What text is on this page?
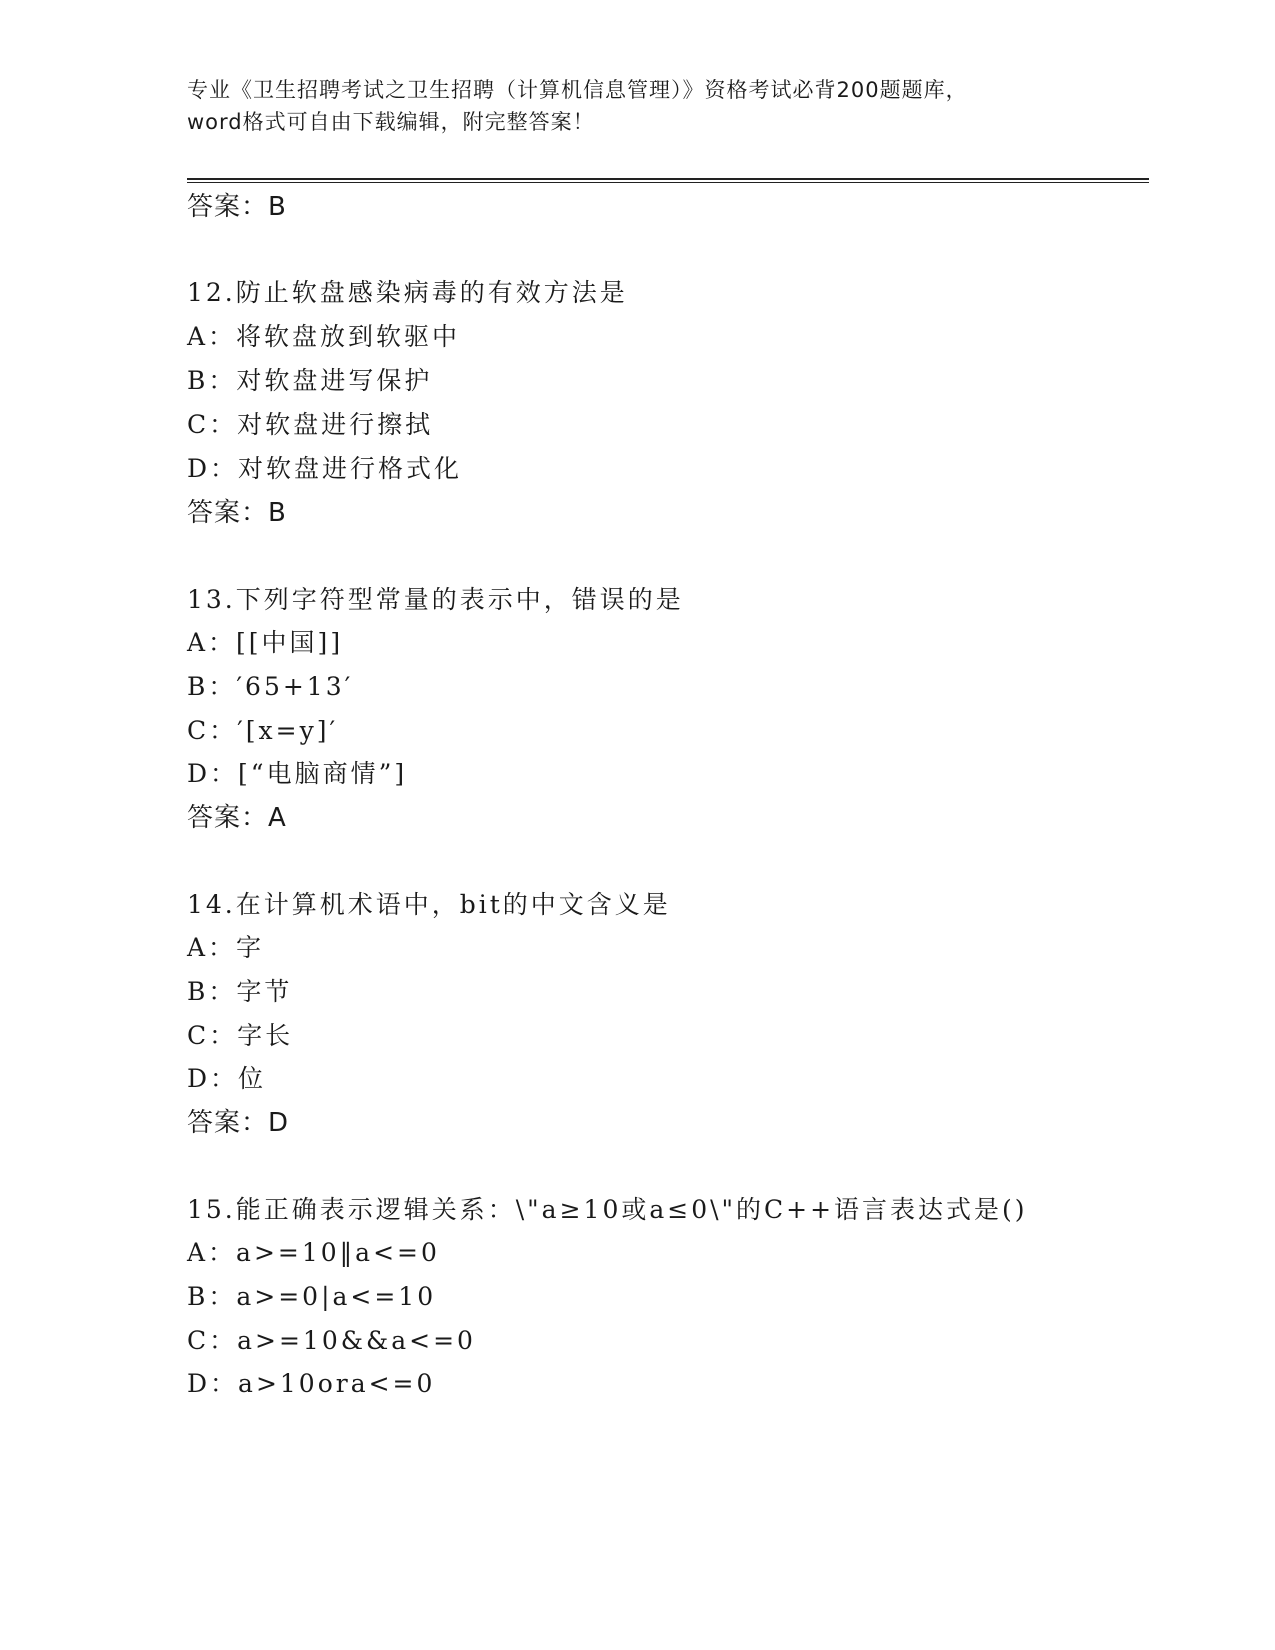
专业《卫生招聘考试之卫生招聘（计算机信息管理）》资格考试必背200题题库，
word格式可自由下载编辑，附完整答案！
答案：B
12.防止软盘感染病毒的有效方法是
A：将软盘放到软驱中
B：对软盘进写保护
C：对软盘进行擦拭
D：对软盘进行格式化
答案：B
13.下列字符型常量的表示中，错误的是
A：[[中国]]
B：′65+13′
C：′[x=y]′
D：[“电脑商情”]
答案：A
14.在计算机术语中，bit的中文含义是
A：字
B：字节
C：字长
D：位
答案：D
15.能正确表示逻辑关系：\"a≥10或a≤0\"的C++语言表达式是()
A：a>=10‖a<=0
B：a>=0|a<=10
C：a>=10&&a<=0
D：a>10ora<=0
